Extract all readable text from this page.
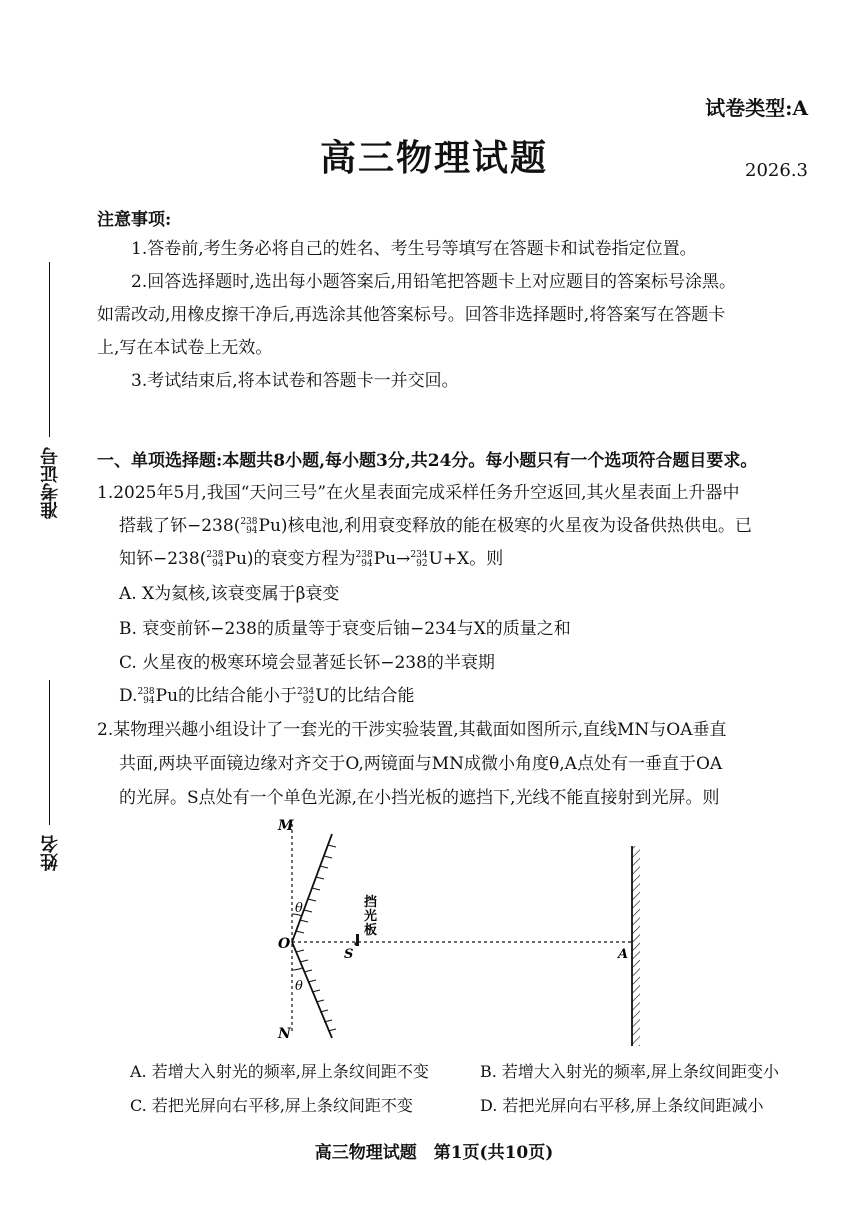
试卷类型:A
高三物理试题	2026.3
准考证号
姓名
注意事项:
1.答卷前,考生务必将自己的姓名、考生号等填写在答题卡和试卷指定位置。
2.回答选择题时,选出每小题答案后,用铅笔把答题卡上对应题目的答案标号涂黑。
如需改动,用橡皮擦干净后,再选涂其他答案标号。回答非选择题时,将答案写在答题卡
上,写在本试卷上无效。
3.考试结束后,将本试卷和答题卡一并交回。
一、单项选择题:本题共8小题,每小题3分,共24分。每小题只有一个选项符合题目要求。
1.2025年5月,我国“天问三号”在火星表面完成采样任务升空返回,其火星表面上升器中
搭载了钚−238( 238
94 Pu)核电池,利用衰变释放的能在极寒的火星夜为设备供热供电。已
知钚−238( 238
94 Pu)的衰变方程为 238
94 Pu→ 234
92 U+X。则
A. X为氦核,该衰变属于β衰变
B. 衰变前钚−238的质量等于衰变后铀−234与X的质量之和
C. 火星夜的极寒环境会显著延长钚−238的半衰期
D. 238
94 Pu的比结合能小于 234
92 U的比结合能
2.某物理兴趣小组设计了一套光的干涉实验装置,其截面如图所示,直线MN与OA垂直
共面,两块平面镜边缘对齐交于O,两镜面与MN成微小角度θ,A点处有一垂直于OA
的光屏。S点处有一个单色光源,在小挡光板的遮挡下,光线不能直接射到光屏。则
M
N
O
θ
θ
S	A
挡
光
板
A. 若增大入射光的频率,屏上条纹间距不变	B. 若增大入射光的频率,屏上条纹间距变小
C. 若把光屏向右平移,屏上条纹间距不变	D. 若把光屏向右平移,屏上条纹间距减小
高三物理试题　第1页(共10页)
